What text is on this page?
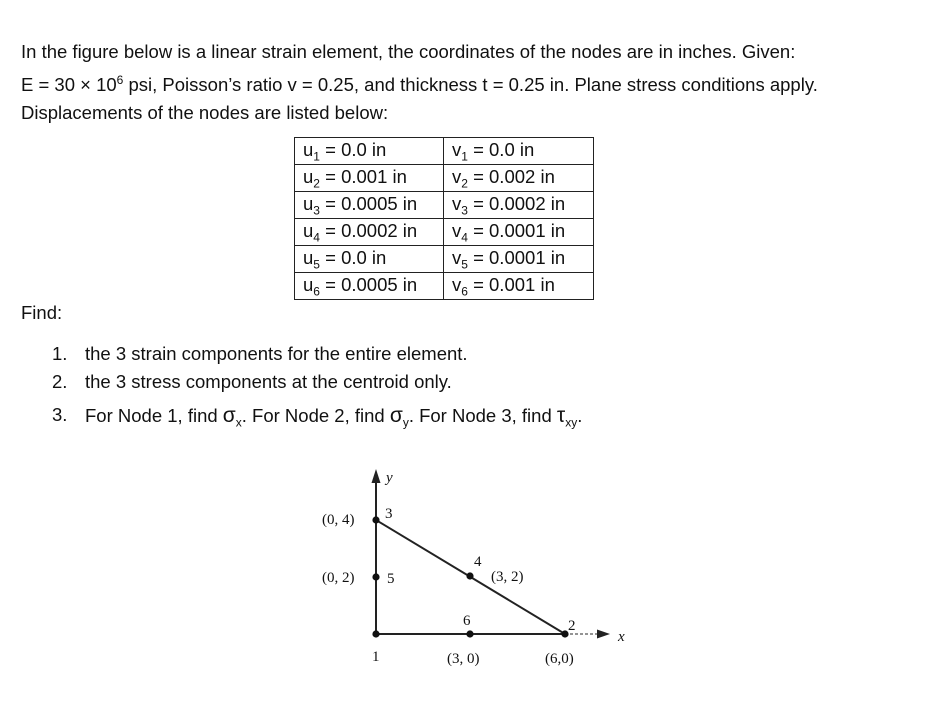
In the figure below is a linear strain element, the coordinates of the nodes are in inches. Given:

$E = 30 \times 10^6$ psi, Poisson’s ratio v = 0.25, and thickness t = 0.25 in. Plane stress conditions apply.

Displacements of the nodes are listed below:

$u_1 = 0.0$ in	$v_1 = 0.0$ in
$u_2 = 0.001$ in	$v_2 = 0.002$ in
$u_3 = 0.0005$ in	$v_3 = 0.0002$ in
$u_4 = 0.0002$ in	$v_4 = 0.0001$ in
$u_5 = 0.0$ in	$v_5 = 0.0001$ in
$u_6 = 0.0005$ in	$v_6 = 0.001$ in
Find:
1. the 3 strain components for the entire element.
2. the 3 stress components at the centroid only.
3. For Node 1, find $\sigma_x$. For Node 2, find $\sigma_y$. For Node 3, find $\tau_{xy}$.
y
x
1
2
3
4
5
6
(0, 4)
(0, 2)	(3, 2)
(3, 0)	(6,0)
